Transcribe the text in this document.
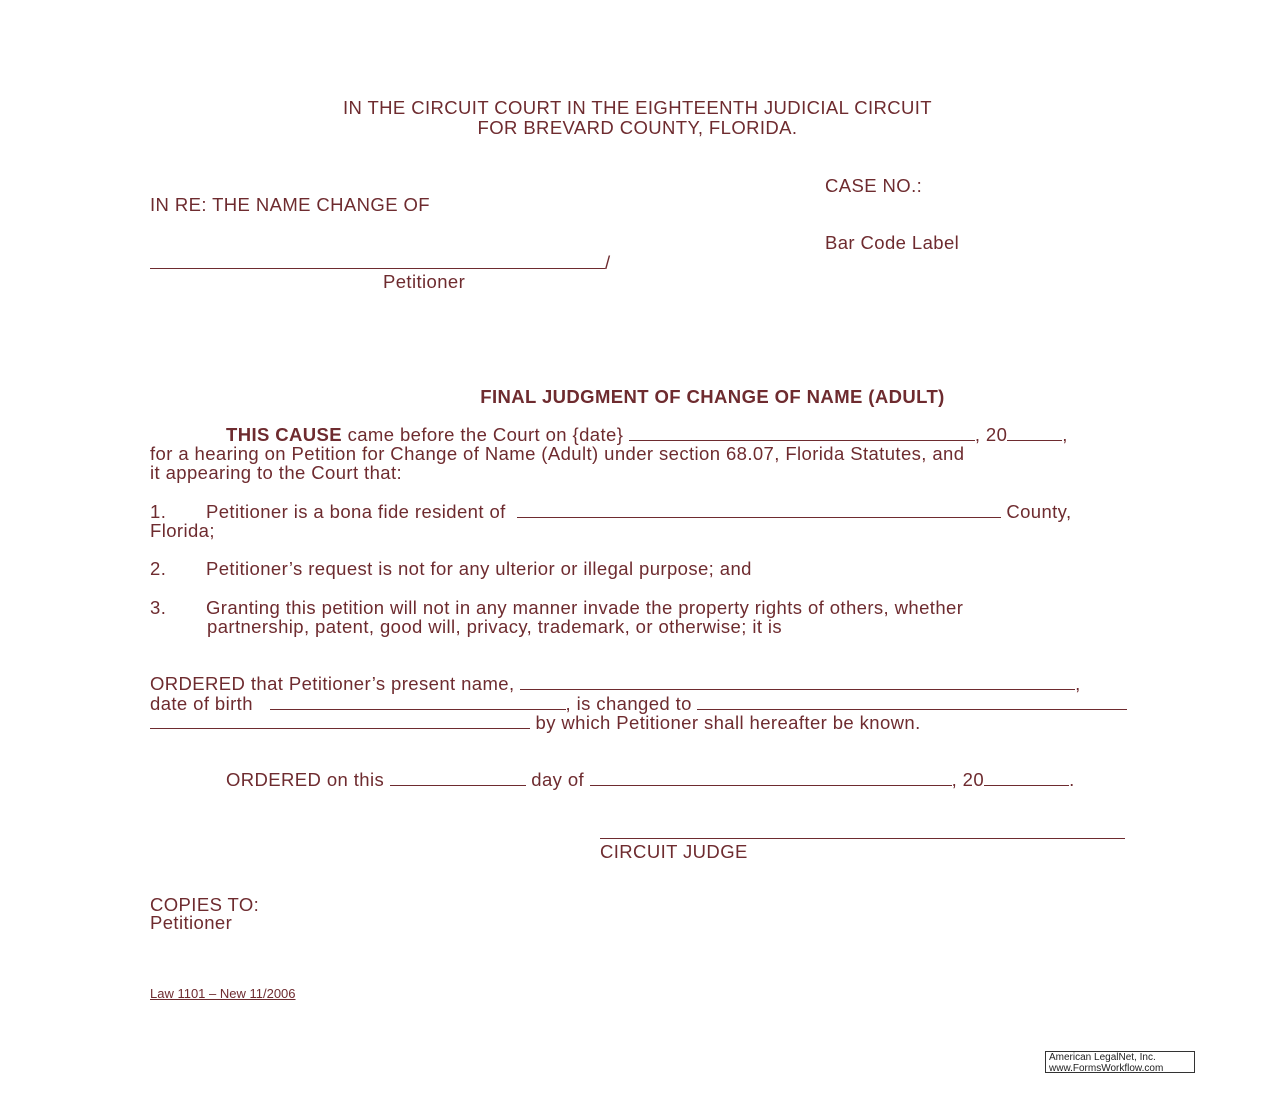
IN THE CIRCUIT COURT IN THE EIGHTEENTH JUDICIAL CIRCUIT
FOR BREVARD COUNTY, FLORIDA.
CASE NO.:
IN RE: THE NAME CHANGE OF
Bar Code Label
/
Petitioner
FINAL JUDGMENT OF CHANGE OF NAME (ADULT)
THIS CAUSE came before the Court on {date}	, 20	,
for a hearing on Petition for Change of Name (Adult) under section 68.07, Florida Statutes, and
it appearing to the Court that:
1. Petitioner is a bona fide resident of	County,
Florida;
2. Petitioner’s request is not for any ulterior or illegal purpose; and
3. Granting this petition will not in any manner invade the property rights of others, whether
partnership, patent, good will, privacy, trademark, or otherwise; it is
ORDERED that Petitioner’s present name,	,
date of birth	, is changed to
by which Petitioner shall hereafter be known.
ORDERED on this	day of	, 20	.
CIRCUIT JUDGE
COPIES TO:
Petitioner
Law 1101 – New 11/2006
American LegalNet, Inc.
www.FormsWorkflow.com
